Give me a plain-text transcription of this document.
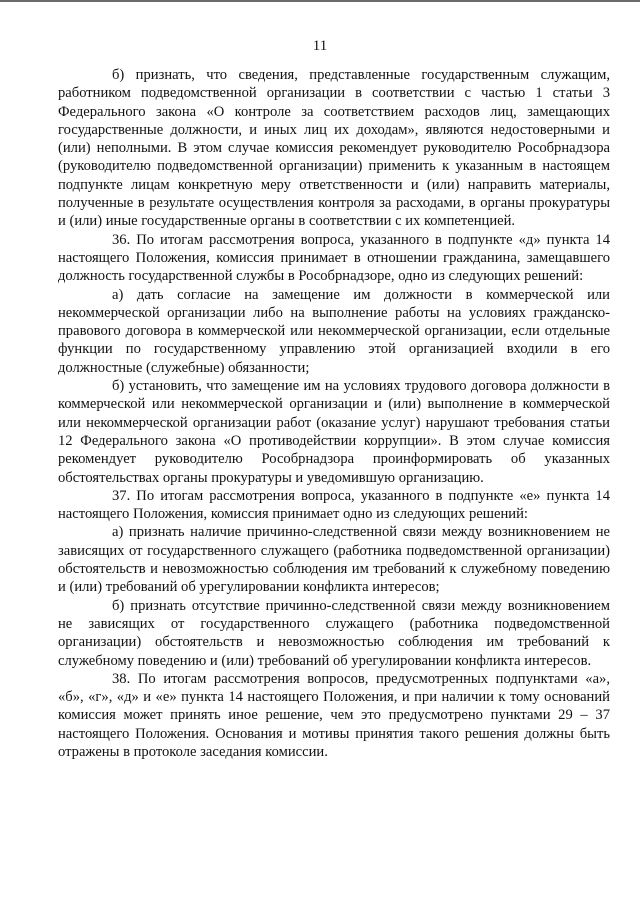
11

б) признать, что сведения, представленные государственным служащим, работником подведомственной организации в соответствии с частью 1 статьи 3 Федерального закона «О контроле за соответствием расходов лиц, замещающих государственные должности, и иных лиц их доходам», являются недостоверными и (или) неполными. В этом случае комиссия рекомендует руководителю Рособрнадзора (руководителю подведомственной организации) применить к указанным в настоящем подпункте лицам конкретную меру ответственности и (или) направить материалы, полученные в результате осуществления контроля за расходами, в органы прокуратуры и (или) иные государственные органы в соответствии с их компетенцией.

36. По итогам рассмотрения вопроса, указанного в подпункте «д» пункта 14 настоящего Положения, комиссия принимает в отношении гражданина, замещавшего должность государственной службы в Рособрнадзоре, одно из следующих решений:

а) дать согласие на замещение им должности в коммерческой или некоммерческой организации либо на выполнение работы на условиях гражданско-правового договора в коммерческой или некоммерческой организации, если отдельные функции по государственному управлению этой организацией входили в его должностные (служебные) обязанности;

б) установить, что замещение им на условиях трудового договора должности в коммерческой или некоммерческой организации и (или) выполнение в коммерческой или некоммерческой организации работ (оказание услуг) нарушают требования статьи 12 Федерального закона «О противодействии коррупции». В этом случае комиссия рекомендует руководителю Рособрнадзора проинформировать об указанных обстоятельствах органы прокуратуры и уведомившую организацию.

37. По итогам рассмотрения вопроса, указанного в подпункте «е» пункта 14 настоящего Положения, комиссия принимает одно из следующих решений:

а) признать наличие причинно-следственной связи между возникновением не зависящих от государственного служащего (работника подведомственной организации) обстоятельств и невозможностью соблюдения им требований к служебному поведению и (или) требований об урегулировании конфликта интересов;

б) признать отсутствие причинно-следственной связи между возникновением не зависящих от государственного служащего (работника подведомственной организации) обстоятельств и невозможностью соблюдения им требований к служебному поведению и (или) требований об урегулировании конфликта интересов.

38. По итогам рассмотрения вопросов, предусмотренных подпунктами «а», «б», «г», «д» и «е» пункта 14 настоящего Положения, и при наличии к тому оснований комиссия может принять иное решение, чем это предусмотрено пунктами 29 – 37 настоящего Положения. Основания и мотивы принятия такого решения должны быть отражены в протоколе заседания комиссии.
